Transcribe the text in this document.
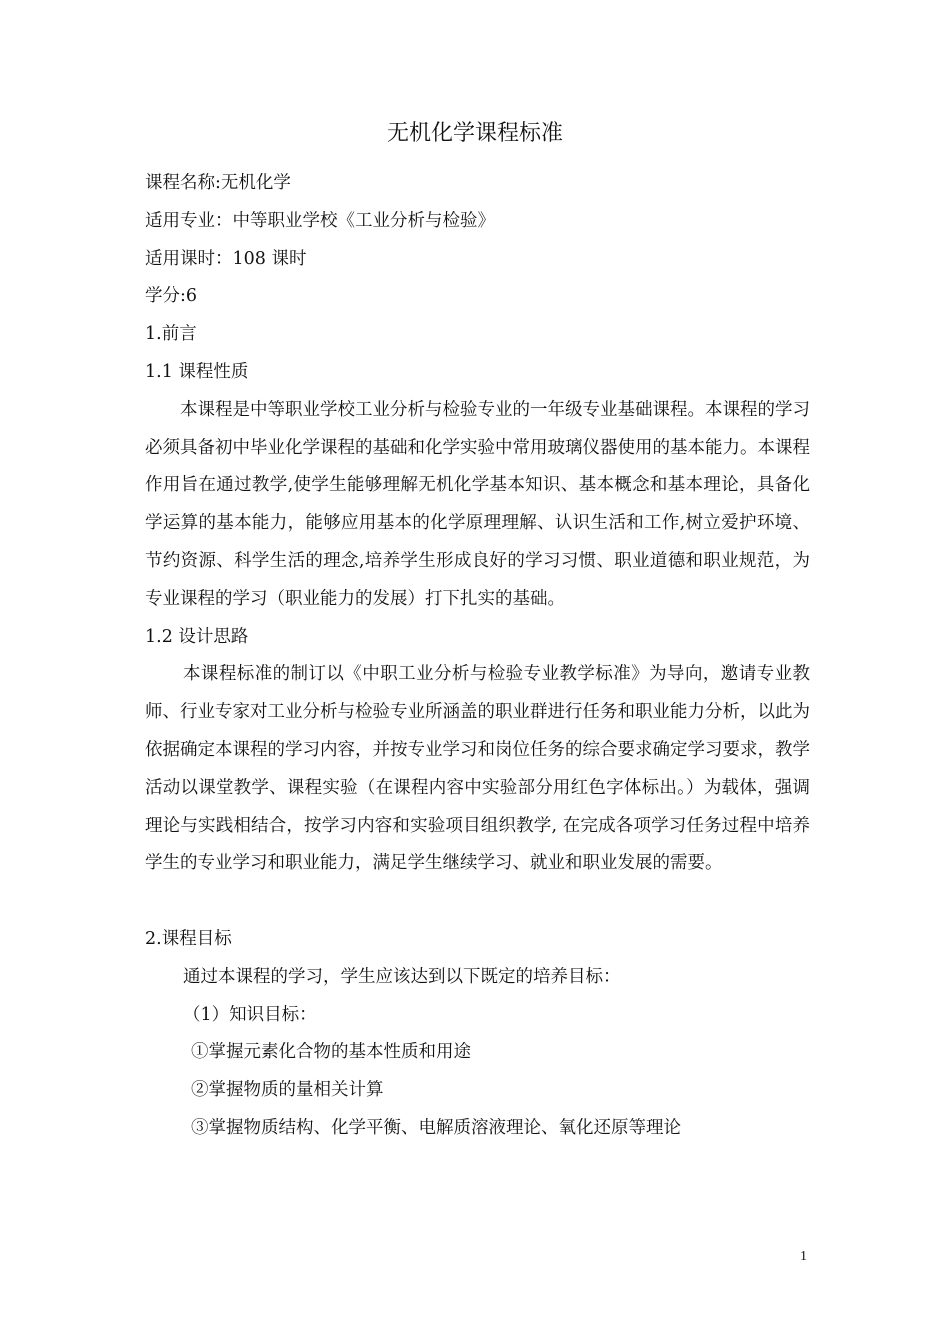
无机化学课程标准
课程名称:无机化学
适用专业：中等职业学校《工业分析与检验》
适用课时：108 课时
学分:6
1.前言
1.1 课程性质

本课程是中等职业学校工业分析与检验专业的一年级专业基础课程。本课程的学习必须具备初中毕业化学课程的基础和化学实验中常用玻璃仪器使用的基本能力。本课程作用旨在通过教学,使学生能够理解无机化学基本知识、基本概念和基本理论，具备化学运算的基本能力，能够应用基本的化学原理理解、认识生活和工作,树立爱护环境、节约资源、科学生活的理念,培养学生形成良好的学习习惯、职业道德和职业规范，为专业课程的学习（职业能力的发展）打下扎实的基础。

1.2 设计思路

本课程标准的制订以《中职工业分析与检验专业教学标准》为导向，邀请专业教师、行业专家对工业分析与检验专业所涵盖的职业群进行任务和职业能力分析，以此为依据确定本课程的学习内容，并按专业学习和岗位任务的综合要求确定学习要求，教学活动以课堂教学、课程实验（在课程内容中实验部分用红色字体标出。）为载体，强调理论与实践相结合，按学习内容和实验项目组织教学, 在完成各项学习任务过程中培养学生的专业学习和职业能力，满足学生继续学习、就业和职业发展的需要。

2.课程目标
通过本课程的学习，学生应该达到以下既定的培养目标：
（1）知识目标：
①掌握元素化合物的基本性质和用途
②掌握物质的量相关计算
③掌握物质结构、化学平衡、电解质溶液理论、氧化还原等理论
1
